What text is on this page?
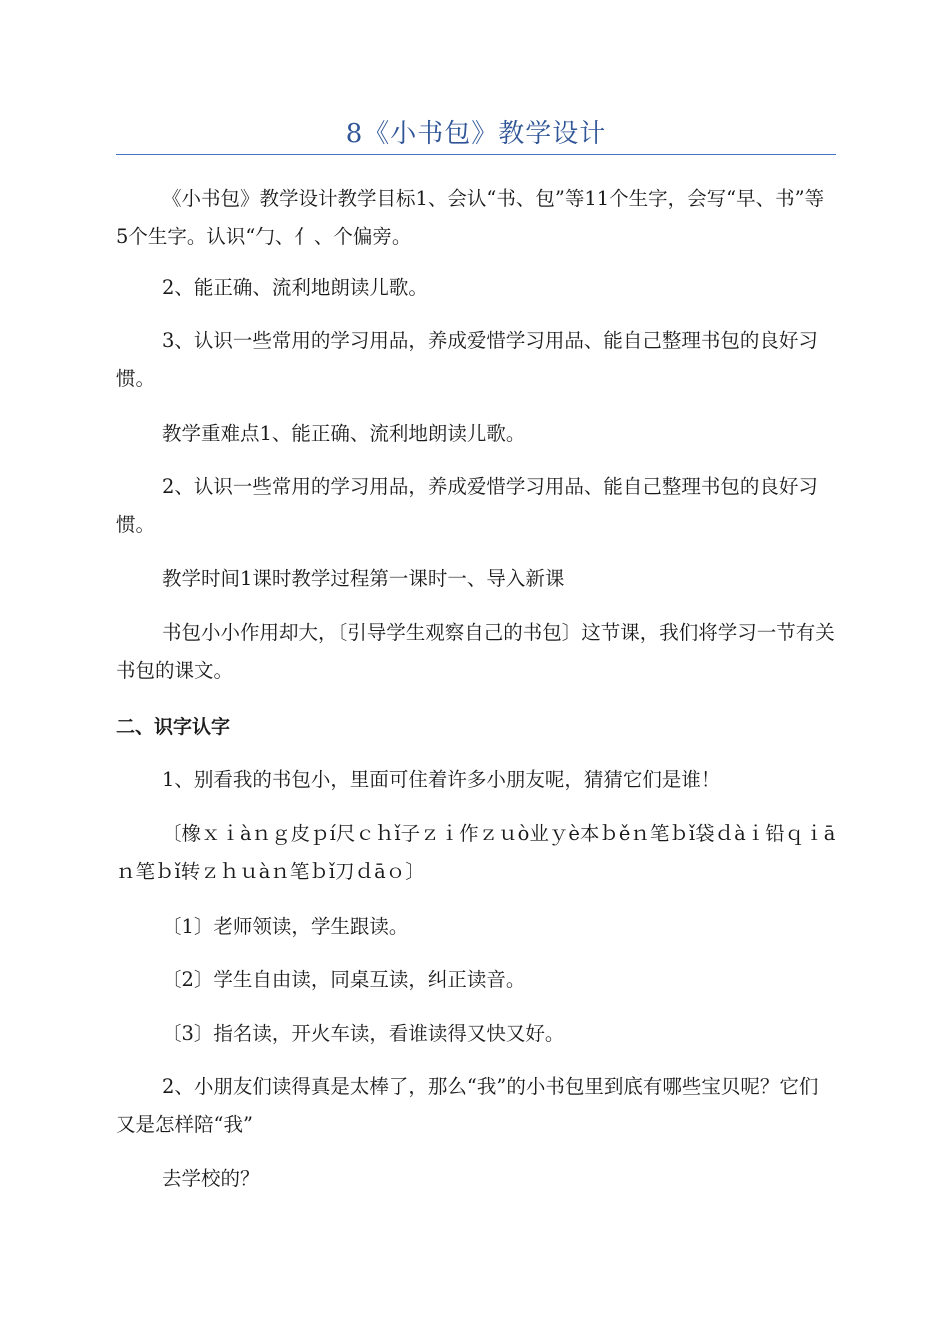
8《小书包》教学设计

《小书包》教学设计教学目标1、会认“书、包”等11个生字，会写“早、书”等5个生字。认识“勹、亻、个偏旁。

2、能正确、流利地朗读儿歌。

3、认识一些常用的学习用品，养成爱惜学习用品、能自己整理书包的良好习惯。

教学重难点1、能正确、流利地朗读儿歌。

2、认识一些常用的学习用品，养成爱惜学习用品、能自己整理书包的良好习惯。

教学时间1课时教学过程第一课时一、导入新课

书包小小作用却大，〔引导学生观察自己的书包〕这节课，我们将学习一节有关书包的课文。

二、识字认字

1、别看我的书包小，里面可住着许多小朋友呢，猜猜它们是谁！

〔橡ｘｉàｎｇ皮ｐí尺ｃｈǐ子ｚｉ作ｚｕò业ｙè本ｂěｎ笔ｂǐ袋ｄàｉ铅ｑｉāｎ笔ｂǐ转ｚｈｕàｎ笔ｂǐ刀ｄāｏ〕

〔1〕老师领读，学生跟读。

〔2〕学生自由读，同桌互读，纠正读音。

〔3〕指名读，开火车读，看谁读得又快又好。

2、小朋友们读得真是太棒了，那么“我”的小书包里到底有哪些宝贝呢？它们又是怎样陪“我”

去学校的？
